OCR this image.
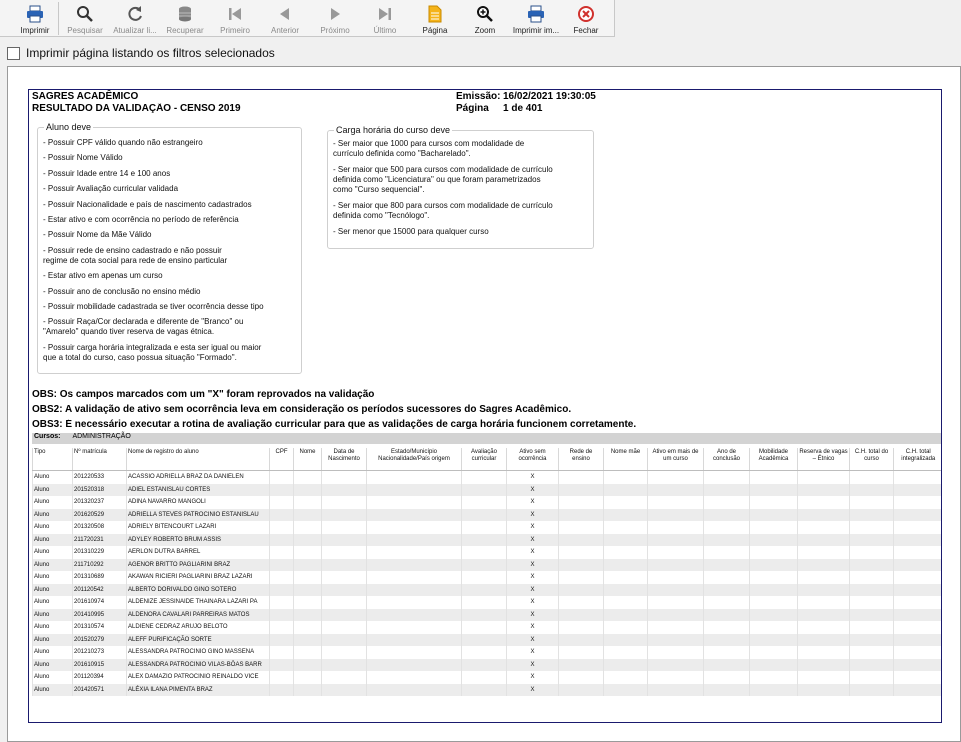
Imprimir Pesquisar Atualizar li... Recuperar Primeiro	Anterior	Próximo	Último	Página	Zoom Imprimir im... Fechar
Imprimir página listando os filtros selecionados
SAGRES ACADÊMICO
RESULTADO DA VALIDAÇÃO - CENSO 2019
Emissão: 16/02/2021 19:30:05
Página 1 de 401
Aluno deve
- Possuir CPF válido quando não estrangeiro
- Possuir Nome Válido
- Possuir Idade entre 14 e 100 anos
- Possuir Avaliação curricular validada
- Possuir Nacionalidade e país de nascimento cadastrados
- Estar ativo e com ocorrência no período de referência
- Possuir Nome da Mãe Válido
- Possuir rede de ensino cadastrado e não possuir
regime de cota social para rede de ensino particular
- Estar ativo em apenas um curso
- Possuir ano de conclusão no ensino médio
- Possuir mobilidade cadastrada se tiver ocorrência desse tipo
- Possuir Raça/Cor declarada e diferente de "Branco" ou
"Amarelo" quando tiver reserva de vagas étnica.
- Possuir carga horária integralizada e esta ser igual ou maior
que a total do curso, caso possua situação "Formado".
Carga horária do curso deve
- Ser maior que 1000 para cursos com modalidade de
currículo definida como "Bacharelado".
- Ser maior que 500 para cursos com modalidade de currículo
definida como "Licenciatura" ou que foram parametrizados
como "Curso sequencial".
- Ser maior que 800 para cursos com modalidade de currículo
definida como "Tecnólogo".
- Ser menor que 15000 para qualquer curso
OBS: Os campos marcados com um "X" foram reprovados na validação
OBS2: A validação de ativo sem ocorrência leva em consideração os períodos sucessores do Sagres Acadêmico.
OBS3: É necessário executar a rotina de avaliação curricular para que as validações de carga horária funcionem corretamente.
Cursos: ADMINISTRAÇÃO
Tipo	Nº matrícula	Nome de registro do aluno	CPF	Nome	Data de Nascimento	Estado/Município Nacionalidade/País origem	Avaliação curricular	Ativo sem ocorrência	Rede de ensino	Nome mãe	Ativo em mais de um curso	Ano de conclusão	Mobilidade Acadêmica	Reserva de vagas – Étnico	C.H. total do curso	C.H. total integralizada
Aluno	201220533	ACASSIO ADRIELLA BRAZ DA DANIELEN						X								
Aluno	201520318	ADIEL ESTANISLAU CORTES						X								
Aluno	201320237	ADINA NAVARRO MANGOLI						X								
Aluno	201620529	ADRIELLA STEVES PATROCINIO ESTANISLAU						X								
Aluno	201320508	ADRIELY BITENCOURT LAZARI						X								
Aluno	211720231	ADYLEY ROBERTO BRUM ASSIS						X								
Aluno	201310229	AERLON DUTRA BARREL						X								
Aluno	211710292	AGENOR BRITTO PAGLIARINI BRAZ						X								
Aluno	201310689	AKAWAN RICIERI PAGLIARINI BRAZ LAZARI						X								
Aluno	201120542	ALBERTO DORIVALDO GINO SOTERO						X								
Aluno	201610974	ALDENIZE JESSINAIDE THAINARA LAZARI PA						X								
Aluno	201410995	ALDENORA CAVALARI PARREIRAS MATOS						X								
Aluno	201310574	ALDIENE CEDRAZ ARUJO BELOTO						X								
Aluno	201520279	ALEFF PURIFICAÇÃO SORTE						X								
Aluno	201210273	ALESSANDRA PATROCINIO GINO MASSENA						X								
Aluno	201610915	ALESSANDRA PATROCINIO VILAS-BÔAS BARR						X								
Aluno	201120394	ALEX DAMAZIO PATROCINIO REINALDO VICE						X								
Aluno	201420571	ALÉXIA ILANA PIMENTA BRAZ						X								
